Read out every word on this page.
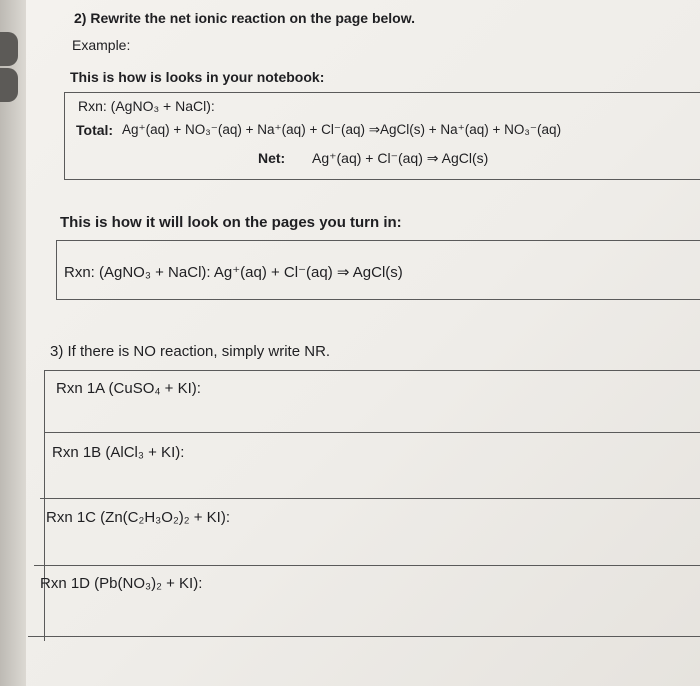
2) Rewrite the net ionic reaction on the page below.
Example:
This is how is looks in your notebook:
Rxn: (AgNO₃ + NaCl):
Total: Ag⁺(aq) + NO₃⁻(aq) + Na⁺(aq) + Cl⁻(aq) ⇒AgCl(s) + Na⁺(aq) + NO₃⁻(aq)
Net: Ag⁺(aq) + Cl⁻(aq) ⇒ AgCl(s)
This is how it will look on the pages you turn in:
Rxn: (AgNO₃ + NaCl): Ag⁺(aq) + Cl⁻(aq) ⇒ AgCl(s)
3) If there is NO reaction, simply write NR.
Rxn 1A (CuSO₄ + KI):
Rxn 1B (AlCl₃ + KI):
Rxn 1C (Zn(C₂H₃O₂)₂ + KI):
Rxn 1D (Pb(NO₃)₂ + KI):
